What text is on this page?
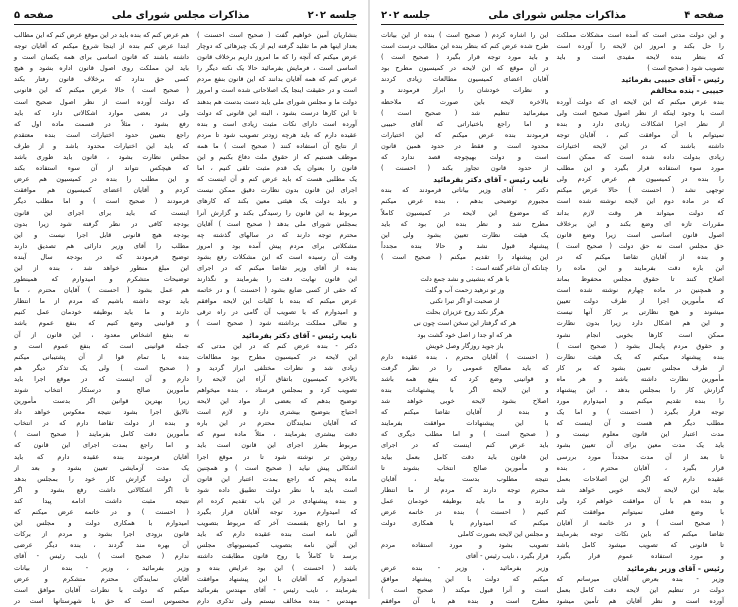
جلسه ۲۰۲
مذاکرات مجلس شورای ملی
صفحه ۵

بنشاریان آمین خواهیم گفت ( صحیح است احسنت )

بعداز اینها هم ما تقلید گرفته ایم از یک چیزهائی که دوچار

عرض میکنم که آنچه را که ما امروز داریم برخلاف قانون

اساسی است ، فرمایش بفرمائید حالا یک نکته دیگر را

عرض کنم که همه آقایان بدانند که این قانون بنفع مردم

است و در حقیقت اینجا یک اصلاحاتی شده است و امروز

دولت ما و مجلس شورای ملی باید دست بدست هم بدهند

تا این کارها درست بشود ، البته این قانونی که دولت

آورده است دارای نکات مثبت زیادی است و بنده

عقیده دارم که باید هرچه زودتر تصویب شود تا مردم

از نتایج آن استفاده کنند ( صحیح است ) ما همه

موظف هستیم که از حقوق ملت دفاع بکنیم و این

قانون را بعنوان یک قدم مثبت تلقی کنیم ، اما

یک مطلبی هست که باید عرض کنم و آن اینست که

اجرای این قانون بدون نظارت دقیق ممکن نیست

و باید دولت یک هیئتی معین بکند که کارهای

مربوط به این قانون را رسیدگی بکند و گزارش آنرا

بمجلس شورای ملی بدهد ( صحیح است ) آقایان

محترم توجه دارند که در سالهای گذشته چه

مشکلاتی برای مردم پیش آمده بود و امروز

وقت آن رسیده است که این مشکلات رفع بشود

بنده از آقای وزیر تقاضا میکنم که در اجرای

این قانون نهایت دقت را بفرمایند و نگذارند

که حقی از کسی ضایع بشود ( احسنت ) و در خاتمه

عرض میکنم که بنده با کلیات این لایحه موافقم

و امیدوارم که با تصویب آن گامی در راه ترقی

و تعالی مملکت برداشته شود ( صحیح است )

نایب رئیس - آقای دکتر بفرمائید

دکتر - بنده عرض کنم که در این مدتی که

این لایحه در کمیسیون مطرح بود مطالعات

زیادی شد و نظرات مختلفی ابراز گردید و

بالاخره کمیسیون باتفاق آراء این لایحه را

تصویب کرد و بمجلس فرستاد ، بنده میخواهم

توضیح بدهم که بعضی از مواد این لایحه

احتیاج بتوضیح بیشتری دارد و لازم است

که آقایان نمایندگان محترم در این باره

دقت بیشتری بفرمایند ، مثلاً ماده سوم که

مربوط بطرز اجرای این قانون است باید

روشن تر نوشته شود تا در موقع اجرا

اشکالی پیش نیاید ( صحیح است ) و همچنین

ماده پنجم که راجع بمدت اعتبار این قانون

است باید با نظر دولت تطبیق داده شود

و بنده پیشنهادی در این باب تقدیم کرده ام

که امیدوارم مورد توجه آقایان قرار بگیرد

و اما راجع بقسمت آخر که مربوط بتصویب

آئین نامه است بنده عقیده دارم که باید

این آئین نامه بتصویب کمیسیونهای مجلس

برسد تا کاملاً با روح قانون مطابقت داشته

باشد ( احسنت ) این بود عرایض بنده و

امیدوارم که آقایان با این پیشنهاد موافقت

بفرمایند ، نایب رئیس - آقای مهندس بفرمائید

مهندس - بنده مخالف نیستم ولی تذکری دارم

هم عرض کنم که بنده باید در این موقع عرض کنم که این مطالب

ابتدا عرض کنم بنده از اینجا شروع میکنم که آقایان توجه

داشته باشند که قانون اساسی برای همه یکسان است و

باید این مملکت روی اصول قانون اداره بشود و هیچ

کسی حق ندارد که برخلاف قانون رفتار بکند

( صحیح است ) حالا عرض میکنم که این قانونی

که دولت آورده است از نظر اصول صحیح است

ولی در بعضی موارد اشکالاتی دارد که باید

رفع بشود ، مثلاً در قسمت ماده اول که

راجع بتعیین حدود اختیارات است بنده معتقدم

که باید این اختیارات محدود باشد و از طرف

مجلس نظارت بشود ، قانون باید طوری باشد

که هیچکس نتواند از آن سوء استفاده بکند

و این مطلب را بنده در کمیسیون هم عرض

کردم و آقایان اعضای کمیسیون هم موافقت

فرمودند ( صحیح است ) و اما مطلب دیگر

اینست که باید برای اجرای این قانون

بودجه کافی در نظر گرفته شود زیرا بدون

بودجه هیچ قانونی قابل اجرا نیست و این

مطلب را آقای وزیر دارائی هم تصدیق دارند

توضیح فرمودند که در بودجه سال آینده

این مبلغ منظور خواهد شد ، بنده از این

توضیحات متشکرم و امیدوارم که همینطور

هم عمل بشود ( احسنت ) آقایان محترم ، ما

باید توجه داشته باشیم که مردم از ما انتظار

دارند و ما باید بوظیفه خودمان عمل کنیم

و قوانینی وضع کنیم که بنفع عموم باشد

نه بنفع اشخاص معدود ، این قانون از آن

جمله قوانینی است که بنفع عموم است و

بنده با تمام قوا از آن پشتیبانی میکنم

( صحیح است ) ولی یک تذکر دیگر هم

دارم و آن اینست که در موقع اجرا باید

مأمورین صالح و درستکار انتخاب شوند

زیرا بهترین قوانین اگر بدست مأمورین

نالایق اجرا بشود نتیجه معکوس خواهد داد

و بنده از دولت تقاضا دارم که در انتخاب

مأمورین دقت کامل بفرمایند ( صحیح است )

و اما راجع بمدت اجرای این قانون که

آقایان فرمودند بنده عقیده دارم که باید

یک مدت آزمایشی تعیین بشود و بعد از

آن دولت گزارش کار خود را بمجلس بدهد

تا اگر اشکالاتی داشت رفع بشود و اگر

نتیجه مثبت داشت ادامه پیدا کند

( احسنت ) و در خاتمه عرض میکنم که

امیدوارم با همکاری دولت و مجلس این

قانون بزودی اجرا بشود و مردم از برکات

آن بهره مند گردند ، بنده دیگر عرضی

ندارم ( صحیح است ) نایب رئیس - آقای

وزیر بفرمائید ، وزیر - بنده از بیانات

آقایان نمایندگان محترم متشکرم و عرض

میکنم که دولت با نظرات آقایان موافق است

محسوس است که حق با شهرستانها است در

صفحه ۴
مذاکرات مجلس شورای ملی
جلسه ۲۰۲

و این دولت مدتی است که آمده است مشکلات مملکت

را حل بکند و امروز این لایحه را آورده است

که بنظر بنده لایحه مفیدی است و باید

تصویب شود ( صحیح است )

رئیس - آقای حبیبی بفرمائید

حبیبی - بنده مخالفم

بنده عرض میکنم که این لایحه ای که دولت آورده

است با وجود اینکه از نظر اصول صحیح است ولی

از نظر اجرا اشکالات زیادی دارد و بنده

نمیتوانم با آن موافقت کنم ، آقایان توجه

داشته باشند که در این لایحه اختیارات

زیادی بدولت داده شده است که ممکن است

مورد سوء استفاده قرار بگیرد و این مطلب

را بنده در کمیسیون هم عرض کردم ولی

توجهی نشد ( احسنت ) حالا عرض میکنم

که در ماده دوم این لایحه نوشته شده است

که دولت میتواند هر وقت لازم بداند

مقررات تازه ای وضع بکند و این برخلاف

اصول قانون اساسی است زیرا وضع قانون

حق مجلس است نه حق دولت ( صحیح است )

و بنده از آقایان تقاضا میکنم که در

این باره دقت بفرمایند و این ماده را

اصلاح کنند تا حقوق مجلس محفوظ بماند

و همچنین در ماده چهارم نوشته شده است

که مأمورین اجرا از طرف دولت تعیین

میشوند و هیچ نظارتی بر کار آنها نیست

و این هم اشکال دارد زیرا بدون نظارت

ممکن است کارها بخوبی انجام نشود

و حقوق مردم پایمال بشود ( صحیح است )

بنده پیشنهاد میکنم که یک هیئت نظارت

از طرف مجلس تعیین بشود که بر کار

مأمورین نظارت داشته باشد و هر ماه

گزارش کار را بمجلس بدهد ، این پیشنهاد

را بنده تقدیم میکنم و امیدوارم مورد

توجه قرار بگیرد ( احسنت ) و اما یک

مطلب دیگر هم هست و آن اینست که

مدت اعتبار این قانون معلوم نیست و

باید یک مدت معین برای آن تعیین بشود

تا بعد از آن مدت مجدداً مورد بررسی

قرار بگیرد ، آقایان محترم ، بنده

عقیده دارم که اگر این اصلاحات بعمل

بیاید این لایحه لایحه خوبی خواهد شد

و بنده هم با آن موافقت خواهم کرد ولی

با وضع فعلی نمیتوانم موافقت کنم

( صحیح است ) و در خاتمه از آقایان

تقاضا میکنم که باین نکات توجه بفرمایند

تا قانونی که تصویب میشود کامل باشد

و مورد استفاده عموم قرار بگیرد

رئیس - آقای وزیر بفرمائید

وزیر - بنده بعرض آقایان میرسانم که

دولت در تنظیم این لایحه دقت کامل بعمل

آورده است و نظر آقایان هم تأمین میشود

این را اشاره کردم ( صحیح است ) بنده از این بیانات

طرح شده عرض کنم که بنظر بنده این مطالب درست است

و باید مورد توجه قرار بگیرد ( صحیح است )

در آن موقع که این لایحه در کمیسیون مطرح بود

آقایان اعضای کمیسیون مطالعات زیادی کردند

و نظرات خودشان را ابراز فرمودند و

بالاخره لایحه باین صورت که ملاحظه

میفرمائید تنظیم شد ( صحیح است )

و اما راجع باختیاراتی که آقای حبیبی

فرمودند بنده عرض میکنم که این اختیارات

محدود است و فقط در حدود همین قانون

است و دولت بهیچوجه قصد ندارد که

از حدود قانون تجاوز بکند ( احسنت )

نایب رئیس - آقای دکتر بفرمائید

دکتر - آقای وزیر بیاناتی فرمودند که بنده

مجبورم توضیحی بدهم ، بنده عرض میکنم

که موضوع این لایحه در کمیسیون کاملاً

مطرح شد و نظر بنده این بود که باید

یک هیئت نظارت تعیین بشود ولی این

پیشنهاد قبول نشد و حالا بنده مجدداً

این پیشنهاد را تقدیم میکنم ( صحیح است )

چنانکه آن شاعر گفته است :

با هر که بنشینی و نشد جمع دلت

وز تو نرهید زحمت آب و گلت

از صحبت او اگر تبرا نکنی

هرگز نکند روح عزیزان بحلت

هر که گرفتار این سخن است چون نی

هر که او جدا ز اصل خود گشت بود

باز جوید روزگار وصل خویش

( احسنت ) آقایان محترم ، بنده عقیده دارم

که باید مصالح عمومی را در نظر گرفت

و قوانینی وضع کرد که بنفع همه باشد

و این لایحه اگر با پیشنهادات بنده

اصلاح بشود لایحه خوبی خواهد شد

و بنده از آقایان تقاضا میکنم که

با این پیشنهادات موافقت بفرمایند

( صحیح است ) و اما مطلب دیگری که

باید عرض کنم اینست که در اجرای

این قانون باید دقت کامل بعمل بیاید

و مأمورین صالح انتخاب بشوند تا

نتیجه مطلوب بدست بیاید ، آقایان

محترم توجه دارند که مردم از ما انتظار

دارند و ما باید بوظیفه خودمان عمل

کنیم ( احسنت ) بنده در خاتمه عرض

میکنم که امیدوارم با همکاری دولت

و مجلس این لایحه بصورت کاملی

تصویب بشود و مورد استفاده مردم

قرار بگیرد ، نایب رئیس - آقای

وزیر بفرمائید ، وزیر - بنده عرض

میکنم که دولت با این پیشنهاد موافق

است و آنرا قبول میکند ( صحیح است )

مطرح است و بنده هم با آن موافقم
